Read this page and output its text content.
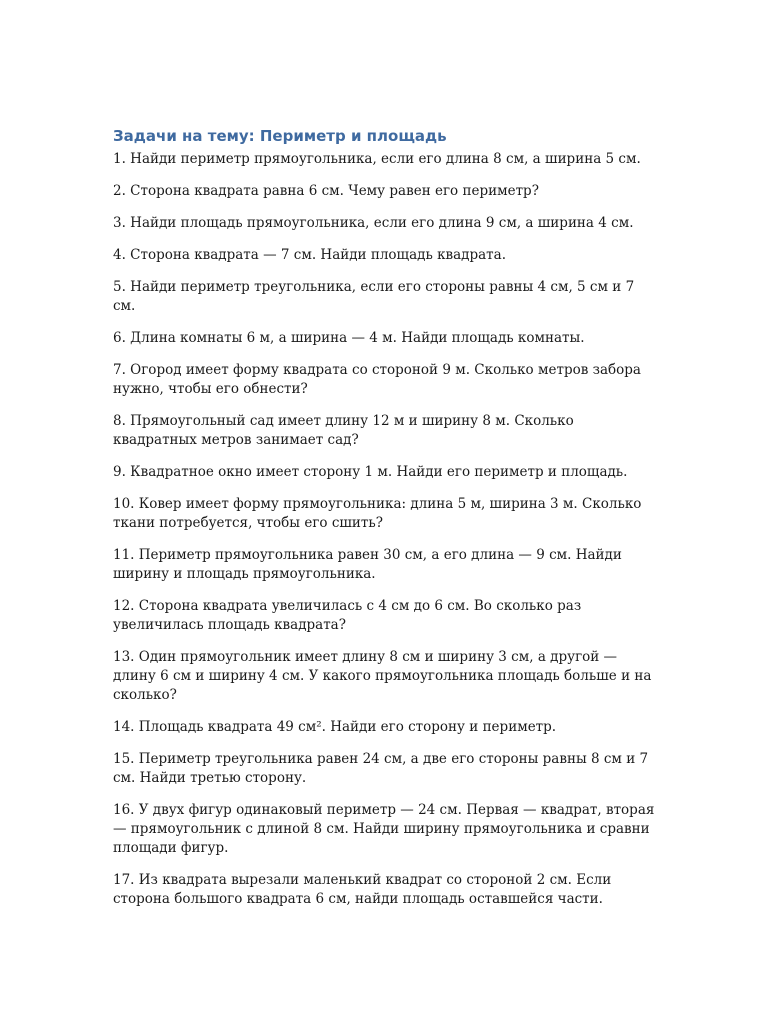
Задачи на тему: Периметр и площадь

1. Найди периметр прямоугольника, если его длина 8 см, а ширина 5 см.

2. Сторона квадрата равна 6 см. Чему равен его периметр?

3. Найди площадь прямоугольника, если его длина 9 см, а ширина 4 см.

4. Сторона квадрата — 7 см. Найди площадь квадрата.

5. Найди периметр треугольника, если его стороны равны 4 см, 5 см и 7 см.

6. Длина комнаты 6 м, а ширина — 4 м. Найди площадь комнаты.

7. Огород имеет форму квадрата со стороной 9 м. Сколько метров забора нужно, чтобы его обнести?

8. Прямоугольный сад имеет длину 12 м и ширину 8 м. Сколько квадратных метров занимает сад?

9. Квадратное окно имеет сторону 1 м. Найди его периметр и площадь.

10. Ковер имеет форму прямоугольника: длина 5 м, ширина 3 м. Сколько ткани потребуется, чтобы его сшить?

11. Периметр прямоугольника равен 30 см, а его длина — 9 см. Найди ширину и площадь прямоугольника.

12. Сторона квадрата увеличилась с 4 см до 6 см. Во сколько раз увеличилась площадь квадрата?

13. Один прямоугольник имеет длину 8 см и ширину 3 см, а другой — длину 6 см и ширину 4 см. У какого прямоугольника площадь больше и на сколько?

14. Площадь квадрата 49 см². Найди его сторону и периметр.

15. Периметр треугольника равен 24 см, а две его стороны равны 8 см и 7 см. Найди третью сторону.

16. У двух фигур одинаковый периметр — 24 см. Первая — квадрат, вторая — прямоугольник с длиной 8 см. Найди ширину прямоугольника и сравни площади фигур.

17. Из квадрата вырезали маленький квадрат со стороной 2 см. Если сторона большого квадрата 6 см, найди площадь оставшейся части.
